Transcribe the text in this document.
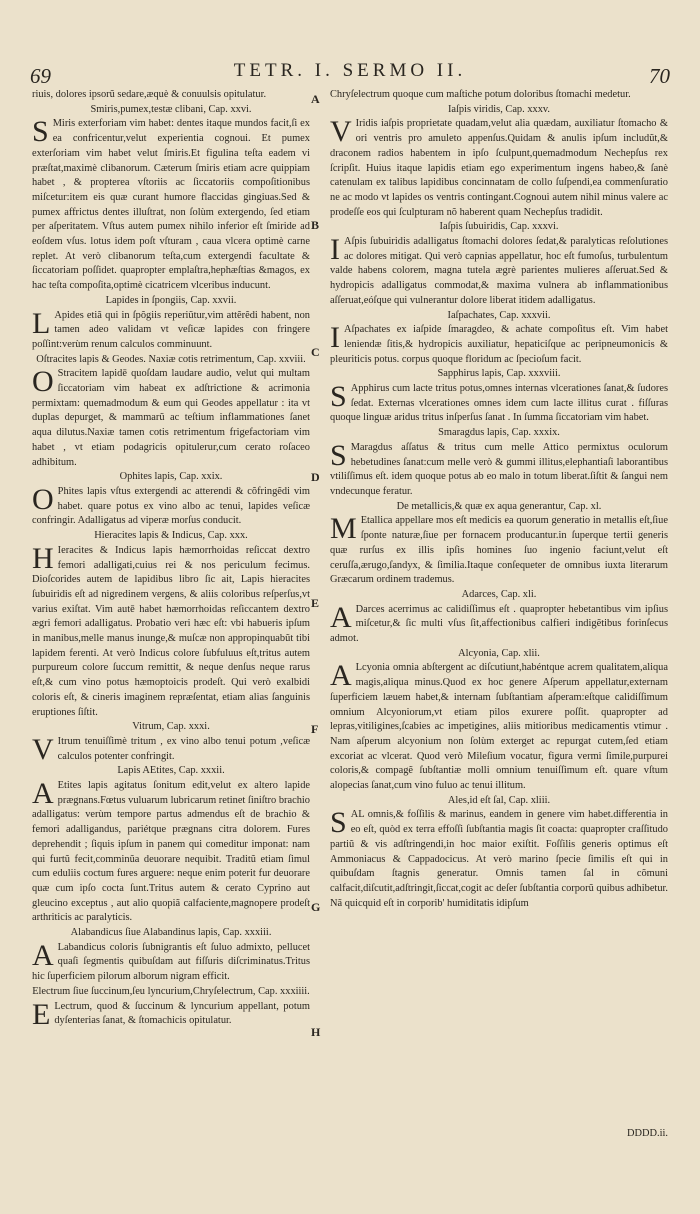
69	TETR. I. SERMO II.	70

riuis, dolores ipsorũ sedare,æquè & conuulsis opitulatur.

Smiris,pumex,testæ clibani, Cap. xxvi.

S Miris exterforiam vim habet: dentes itaque mundos facit,ſi ex ea confricentur,velut experientia cognoui. Et pumex exterſoriam vim habet velut ſmiris.Et figulina teſta eadem vi præſtat,maximè clibanorum. Cæterum ſmiris etiam acre quippiam habet , & propterea vſtoriis ac ſiccatoriis compoſitionibus miſcetur:item eis quæ curant humore flaccidas gingiuas.Sed & pumex affrictus dentes illuſtrat, non ſolùm extergendo, ſed etiam per aſperitatem. Vſtus autem pumex nihilo inferior eſt ſmiride ad eoſdem vſus. lotus idem poſt vſturam , caua vlcera optimè carne replet. At verò clibanorum teſta,cum extergendi facultate & ſiccatoriam poſſidet. quapropter emplaſtra,hephæſtias &magos, ex hac teſta compoſita,optimè cicatricem vlceribus inducunt.

Lapides in ſpongiis, Cap. xxvii.

L Apides etiã qui in ſpõgiis reperiũtur,vim attẽrẽdi habent, non tamen adeo validam vt veſicæ lapides con fringere poſſint:verùm renum calculos comminuunt.

Oſtracites lapis & Geodes. Naxiæ cotis retrimentum, Cap. xxviii.

O Stracitem lapidē quoſdam laudare audio, velut qui multam ſiccatoriam vim habeat ex adſtrictione & acrimonia permixtam: quemadmodum & eum qui Geodes appellatur : ita vt duplas depurget, & mammarũ ac teſtium inflammationes ſanet aqua dilutus.Naxiæ tamen cotis retrimentum frigefactoriam vim habet , vt etiam podagricis opitulerur,cum cerato roſaceo adhibitum.

Ophites lapis, Cap. xxix.

O Phites lapis vſtus extergendi ac atterendi & cõfringẽdi vim habet. quare potus ex vino albo ac tenui, lapides veſicæ confringir. Adalligatus ad viperæ morſus conducit.

Hieracites lapis & Indicus, Cap. xxx.

H Ieracites & Indicus lapis hæmorrhoidas reſiccat dextro femori adalligati,cuius rei & nos periculum fecimus. Dioſcorides autem de lapidibus libro ſic ait, Lapis hieracites ſubuiridis eſt ad nigredinem vergens, & aliis coloribus reſperſus,vt varius exiſtat. Vim autē habet hæmorrhoidas reſiccantem dextro ægri femori adalligatus. Probatio veri hæc eſt: vbi habueris ipſum in manibus,melle manus inunge,& muſcæ non appropinquabũt tibi lapidem ferenti. At verò Indicus colore ſubfuluus eſt,tritus autem purpureum colore ſuccum remittit, & neque denſus neque rarus eſt,& cum vino potus hæmoptoicis prodeſt. Qui verò exalbidi coloris eſt, & cineris imaginem repræſentat, etiam alias ſanguinis eruptiones ſiſtit.

Vitrum, Cap. xxxi.

V Itrum tenuiſſimè tritum , ex vino albo tenui potum ,veſicæ calculos potenter confringit.

Lapis AEtites, Cap. xxxii.

A Etites lapis agitatus ſonitum edit,velut ex altero lapide prægnans.Fœtus vuluarum lubricarum retinet ſiniſtro brachio adalligatus: verùm tempore partus admendus eſt de brachio & femori adalligandus, pariétque prægnans citra dolorem. Fures deprehendit ; ſiquis ipſum in panem qui comeditur imponat: nam qui furtũ fecit,comminũa deuorare nequibit. Traditũ etiam ſimul cum eduliis coctum fures arguere: neque enim poterit fur deuorare quæ cum ipſo cocta ſunt.Tritus autem & cerato Cyprino aut gleucino exceptus , aut alio quopiã calfaciente,magnopere prodeſt arthriticis ac paralyticis.

Alabandicus ſiue Alabandinus lapis, Cap. xxxiii.

A Labandicus coloris ſubnigrantis eſt ſuluo admixto, pellucet quaſi ſegmentis quibuſdam aut fiſſuris diſcriminatus.Tritus hic ſuperficiem pilorum alborum nigram efficit.

Electrum ſiue ſuccinum,ſeu lyncurium,Chryſelectrum, Cap. xxxiiii.

E Lectrum, quod & ſuccinum & lyncurium appellant, potum dyſenterias ſanat, & ſtomachicis opitulatur.

A
B
C
D
E
F
G
H

Chryſelectrum quoque cum maſtiche potum doloribus ſtomachi medetur.

Iaſpis viridis, Cap. xxxv.

V Iridis iaſpis proprietate quadam,velut alia quædam, auxiliatur ſtomacho & ori ventris pro amuleto appenſus.Quidam & anulis ipſum includũt,& draconem radios habentem in ipſo ſculpunt,quemadmodum Nechepſus rex ſcripſit. Huius itaque lapidis etiam ego experimentum ingens habeo,& ſanè catenulam ex talibus lapidibus concinnatam de collo ſuſpendi,ea commenſuratio ne ac modo vt lapides os ventris contingant.Cognoui autem nihil minus valere ac prodeſſe eos qui ſculpturam nõ haberent quam Nechepſus tradidit.

Iaſpis ſubuiridis, Cap. xxxvi.

I Aſpis ſubuiridis adalligatus ſtomachi dolores ſedat,& paralyticas reſolutiones ac dolores mitigat. Qui verò capnias appellatur, hoc eſt fumoſus, turbulentum valde habens colorem, magna tutela ægrè parientes mulieres aſſeruat.Sed & hydropicis adalligatus commodat,& maxima vulnera ab inflammationibus aſſeruat,eóſque qui vulnerantur dolore liberat itidem adalligatus.

Iaſpachates, Cap. xxxvii.

I Aſpachates ex iaſpide ſmaragdeo, & achate compoſitus eſt. Vim habet leniendæ ſitis,& hydropicis auxiliatur, hepaticiſque ac peripneumonicis & pleuriticis potus. corpus quoque floridum ac ſpecioſum facit.

Sapphirus lapis, Cap. xxxviii.

S Apphirus cum lacte tritus potus,omnes internas vlcerationes ſanat,& ſudores ſedat. Externas vlcerationes omnes idem cum lacte illitus curat . fiſſuras quoque linguæ aridus tritus inſperſus ſanat . In ſumma ſiccatoriam vim habet.

Smaragdus lapis, Cap. xxxix.

S Maragdus aſſatus & tritus cum melle Attico permixtus oculorum hebetudines ſanat:cum melle verò & gummi illitus,elephantiaſi laborantibus vtiliſſimus eſt. idem quoque potus ab eo malo in totum liberat.ſiſtit & ſangui nem vndecunque feratur.

De metallicis,& quæ ex aqua generantur, Cap. xl.

M Etallica appellare mos eſt medicis ea quorum generatio in metallis eſt,ſiue ſponte naturæ,ſiue per fornacem producantur.in ſuperque tertii generis quæ rurſus ex illis ipſis homines ſuo ingenio faciunt,velut eſt ceruſſa,ærugo,ſandyx, & ſimilia.Itaque conſequeter de omnibus iuxta literarum Græcarum ordinem trademus.

Adarces, Cap. xli.

A Darces acerrimus ac calidiſſimus eſt . quapropter hebetantibus vim ipſius miſcetur,& ſic multi vſus ſit,affectionibus calfieri indigẽtibus forinſecus admot.

Alcyonia, Cap. xlii.

A Lcyonia omnia abſtergent ac diſcutiunt,habéntque acrem qualitatem,aliqua magis,aliqua minus.Quod ex hoc genere Aſperum appellatur,externam ſuperficiem læuem habet,& internam ſubſtantiam aſperam:eſtque calidiſſimum omnium Alcyoniorum,vt etiam pilos exurere poſſit. quapropter ad lepras,vitiligines,ſcabies ac impetigines, aliis mitioribus medicamentis vtimur . Nam aſperum alcyonium non ſolùm exterget ac repurgat cutem,ſed etiam excoriat ac vlcerat. Quod verò Mileſium vocatur, figura vermi ſimile,purpurei coloris,& compagẽ ſubſtantiæ molli omnium tenuiſſimum eſt. quare vſtum alopecias ſanat,cum vino fuluo ac tenui illitum.

Ales,id eſt ſal, Cap. xliii.

SAL omnis,& foſſilis & marinus, eandem in genere vim habet.differentia in eo eſt, quòd ex terra effoſſi ſubſtantia magis ſit coacta: quapropter craſſitudo partiũ & vis adſtringendi,in hoc maior exiſtit. Foſſilis generis optimus eſt Ammoniacus & Cappadocicus. At verò marino ſpecie ſimilis eſt qui in quibuſdam ſtagnis generatur. Omnis tamen ſal in cõmuni calfacit,diſcutit,adſtringit,ſiccat,cogit ac deſer ſubſtantia corporũ quibus adhibetur. Nã quicquid eſt in corporib' humiditatis idipſum

DDDD.ii.
